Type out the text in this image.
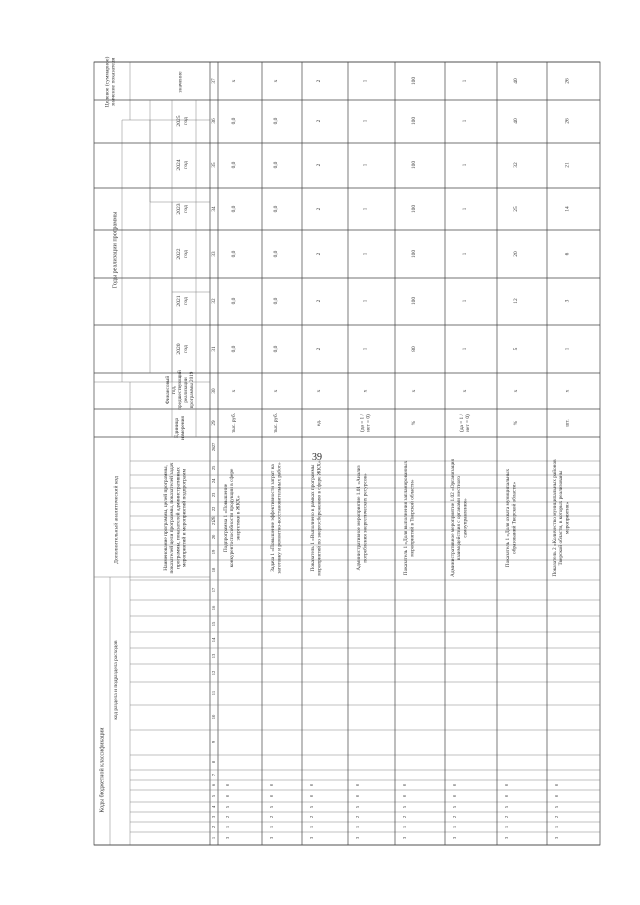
39
Коды бюджетной классификации
код раздела и подраздела расходов
Дополнительный аналитический код	Наименование программы, целей программы, показателей цели программы, показателей задач программы, показателей административных мероприятий и мероприятий подпрограмм
Единица измерения
Финансовый год, предшествующий реализации программы 2019
Годы реализации программы
Целевое (суммарное) значение показателя	значение
2020 год
2021 год
2022 год
2023 год
2024 год
2025 год
28
29
30
31
32
33
34
35
36
37
1
2
3
4
5
6
7
8
9
10
11
12
13
14
15
16
17
18
19
20
21
22
23
24
25
26
27
Подпрограмма 1 «Повышение конкурентоспособности продукции в сфере энергетики в ЖКХ»
тыс. руб.
х
0,0
0,0
0,0
0,0
0,0
0,0
х
3
1
2
5
0
0
Задача 1 «Повышение эффективности затрат на заготовку и ремонтно-восстановительных работ»
тыс. руб.
х
0,0
0,0
0,0
0,0
0,0
0,0
х
3
1
2
5
0
0
Показатель 1 «Выполнено в рамках программы мероприятий по энергосбережению в сфере ЖКХ»
ед.
х
2
2
2
2
2
2
2
3
1
2
5
0
0
Административное мероприятие 1.01 «Анализ потребления энергетических ресурсов»
(да = 1 / нет = 0)
х
1
1
1
1
1
1
1
3
1
2
5
0
0
Показатель 1 «Доля выполнения запланированных мероприятий в Тверской области»
%
х
80
100
100
100
100
100
100
3
1
2
5
0
0
Административное мероприятие 1.02 «Организация взаимодействия с органами местного самоуправления»
(да = 1 / нет = 0)
х
1
1
1
1
1
1
1
3
1
2
5
0
0
Показатель 1 «Доля охвата муниципальных образований Тверской области»
%
х
5
12
20
25
32
40
40
3
1
2
5
0
0
Показатель 2 «Количество муниципальных районов Тверской области, в которых реализованы мероприятия»
шт.
х
1
3
6
14
21
26
26
3
1
2
5
0
0
